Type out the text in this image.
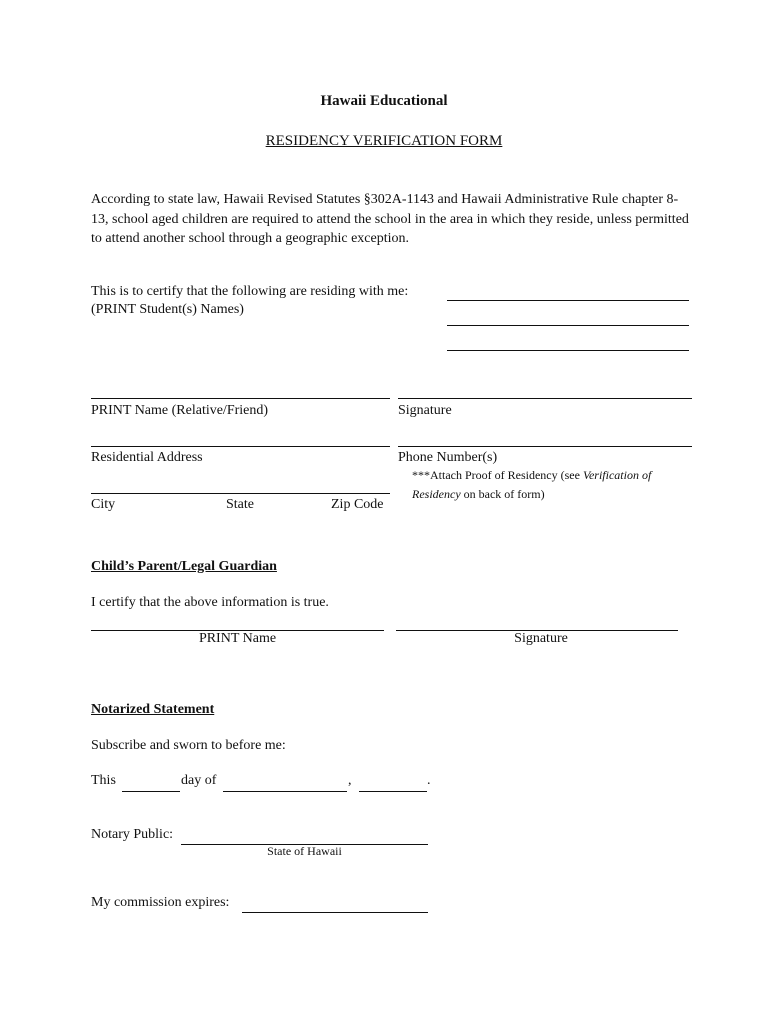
Hawaii Educational
RESIDENCY VERIFICATION FORM
According to state law, Hawaii Revised Statutes §302A-1143 and Hawaii Administrative Rule chapter 8-13, school aged children are required to attend the school in the area in which they reside, unless permitted to attend another school through a geographic exception.
This is to certify that the following are residing with me:
(PRINT Student(s) Names)
PRINT Name (Relative/Friend)	Signature
Residential Address	Phone Number(s)
***Attach Proof of Residency (see Verification of
Residency on back of form)
City	State	Zip Code
Child’s Parent/Legal Guardian
I certify that the above information is true.
PRINT Name	Signature
Notarized Statement
Subscribe and sworn to before me:
This	day of	,	.
Notary Public:
State of Hawaii
My commission expires:
